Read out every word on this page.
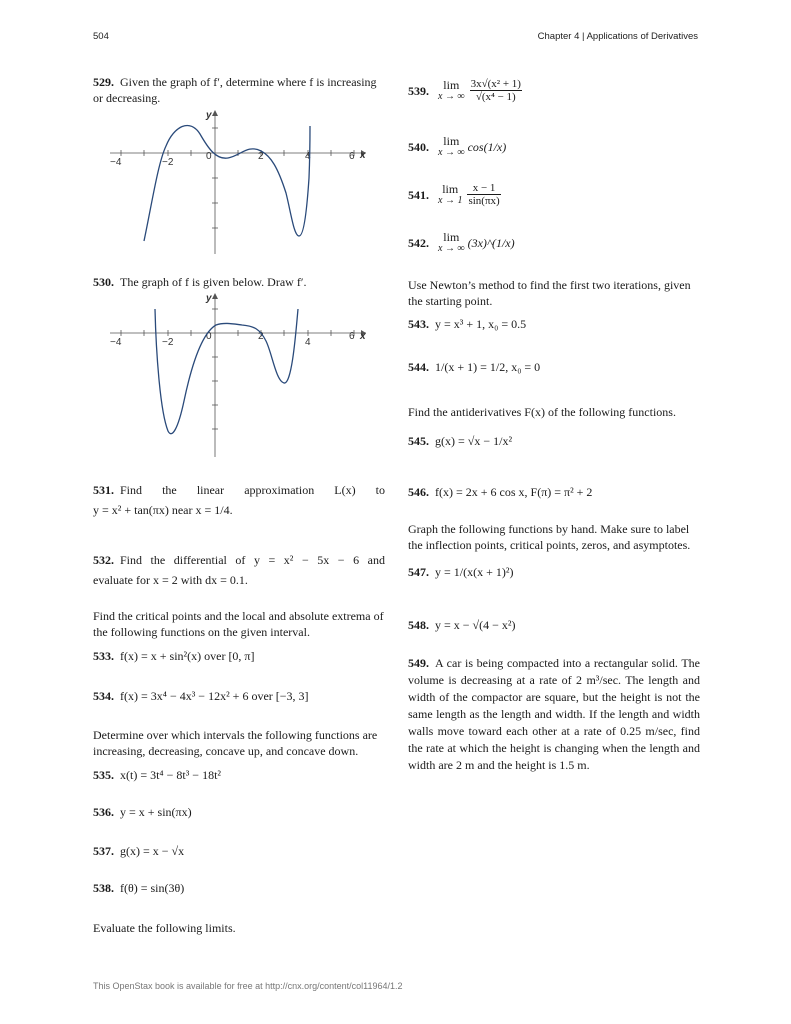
504	Chapter 4 | Applications of Derivatives
529. Given the graph of f′, determine where f is increasing or decreasing.
y
x
−4	−2
0	2	4	6
530. The graph of f is given below. Draw f′.
y
x
−4	−2
0	2
4
6
531. Find the linear approximation L(x) to
y = x² + tan(πx) near x = 1/4.
532. Find the differential of y = x² − 5x − 6 and
evaluate for x = 2 with dx = 0.1.
Find the critical points and the local and absolute extrema of the following functions on the given interval.
533. f(x) = x + sin²(x) over [0, π]
534. f(x) = 3x⁴ − 4x³ − 12x² + 6 over [−3, 3]
Determine over which intervals the following functions are increasing, decreasing, concave up, and concave down.
535. x(t) = 3t⁴ − 8t³ − 18t²
536. y = x + sin(πx)
537. g(x) = x − √x
538. f(θ) = sin(3θ)
Evaluate the following limits.
539. lim
x → ∞
$\frac{\text{3x√(x² + 1)}}{\text{√(x⁴ − 1)}}$
540. lim
x → ∞ cos(1/x)
541. lim
x → 1
$\frac{x - 1}{\sin(\pi x)}$
542. lim
x → ∞ (3x)^(1/x)
Use Newton’s method to find the first two iterations, given the starting point.
543. y = x³ + 1, x₀ = 0.5
544. 1/(x + 1) = 1/2, x₀ = 0
Find the antiderivatives F(x) of the following functions.
545. g(x) = √x − 1/x²
546. f(x) = 2x + 6 cos x, F(π) = π² + 2
Graph the following functions by hand. Make sure to label the inflection points, critical points, zeros, and asymptotes.
547. y = 1/(x(x + 1)²)
548. y = x − √(4 − x²)
549. A car is being compacted into a rectangular solid. The volume is decreasing at a rate of 2 m³/sec. The length and width of the compactor are square, but the height is not the same length as the length and width. If the length and width walls move toward each other at a rate of 0.25 m/sec, find the rate at which the height is changing when the length and width are 2 m and the height is 1.5 m.
This OpenStax book is available for free at http://cnx.org/content/col11964/1.2
